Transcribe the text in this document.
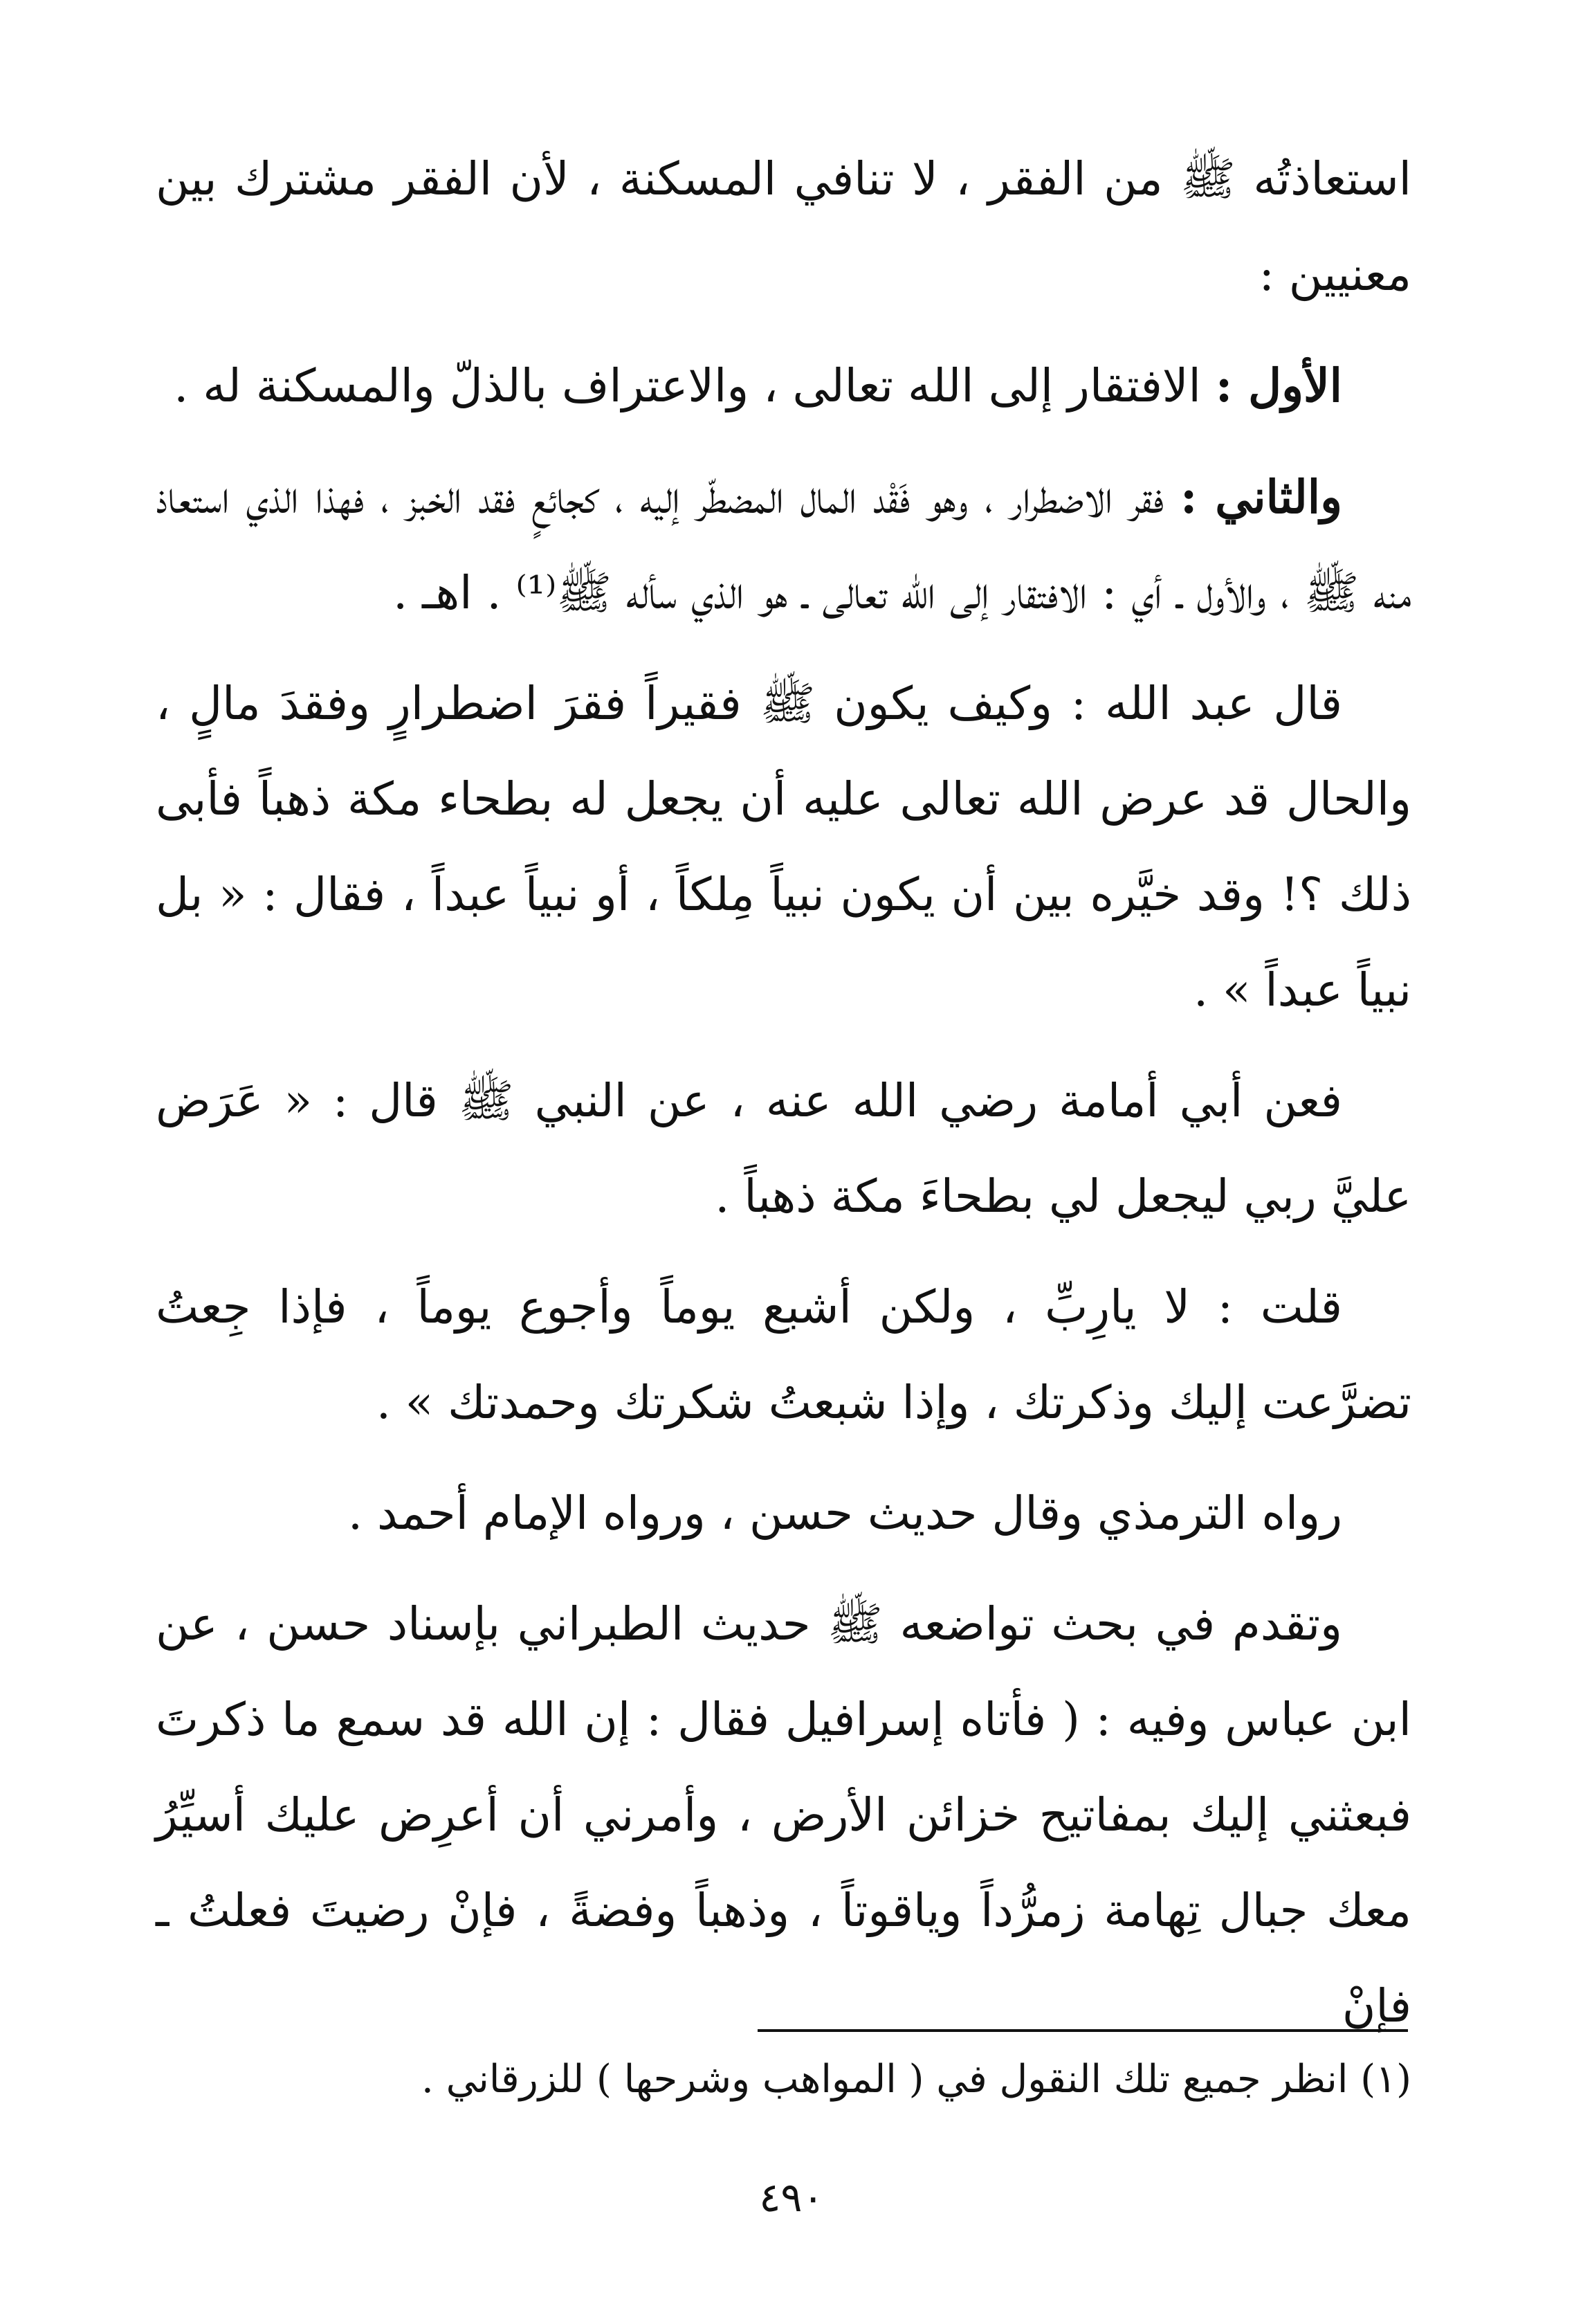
استعاذتُه ﷺ من الفقر ، لا تنافي المسكنة ، لأن الفقر مشترك بين معنيين :

الأول : الافتقار إلى الله تعالى ، والاعتراف بالذلّ والمسكنة له .

والثاني : فقر الاضطرار ، وهو فَقْد المال المضطّر إليه ، كجائعٍ فقد الخبز ، فهذا الذي استعاذ منه ﷺ ، والأول ـ أي : الافتقار إلى الله تعالى ـ هو الذي سأله ﷺ⁽¹⁾ . اهـ .

قال عبد الله : وكيف يكون ﷺ فقيراً فقرَ اضطرارٍ وفقدَ مالٍ ، والحال قد عرض الله تعالى عليه أن يجعل له بطحاء مكة ذهباً فأبى ذلك ؟! وقد خيَّره بين أن يكون نبياً مِلكاً ، أو نبياً عبداً ، فقال : « بل نبياً عبداً » .

فعن أبي أمامة رضي الله عنه ، عن النبي ﷺ قال : « عَرَض عليَّ ربي ليجعل لي بطحاءَ مكة ذهباً .

قلت : لا يارِبِّ ، ولكن أشبع يوماً وأجوع يوماً ، فإذا جِعتُ تضرَّعت إليك وذكرتك ، وإذا شبعتُ شكرتك وحمدتك » .

رواه الترمذي وقال حديث حسن ، ورواه الإمام أحمد .

وتقدم في بحث تواضعه ﷺ حديث الطبراني بإسناد حسن ، عن ابن عباس وفيه : ( فأتاه إسرافيل فقال : إن الله قد سمع ما ذكرتَ فبعثني إليك بمفاتيح خزائن الأرض ، وأمرني أن أعرِض عليك أسيِّرُ معك جبال تِهامة زمرُّداً وياقوتاً ، وذهباً وفضةً ، فإنْ رضيتَ فعلتُ ـ فإنْ

(١) انظر جميع تلك النقول في ( المواهب وشرحها ) للزرقاني .
٤٩٠
